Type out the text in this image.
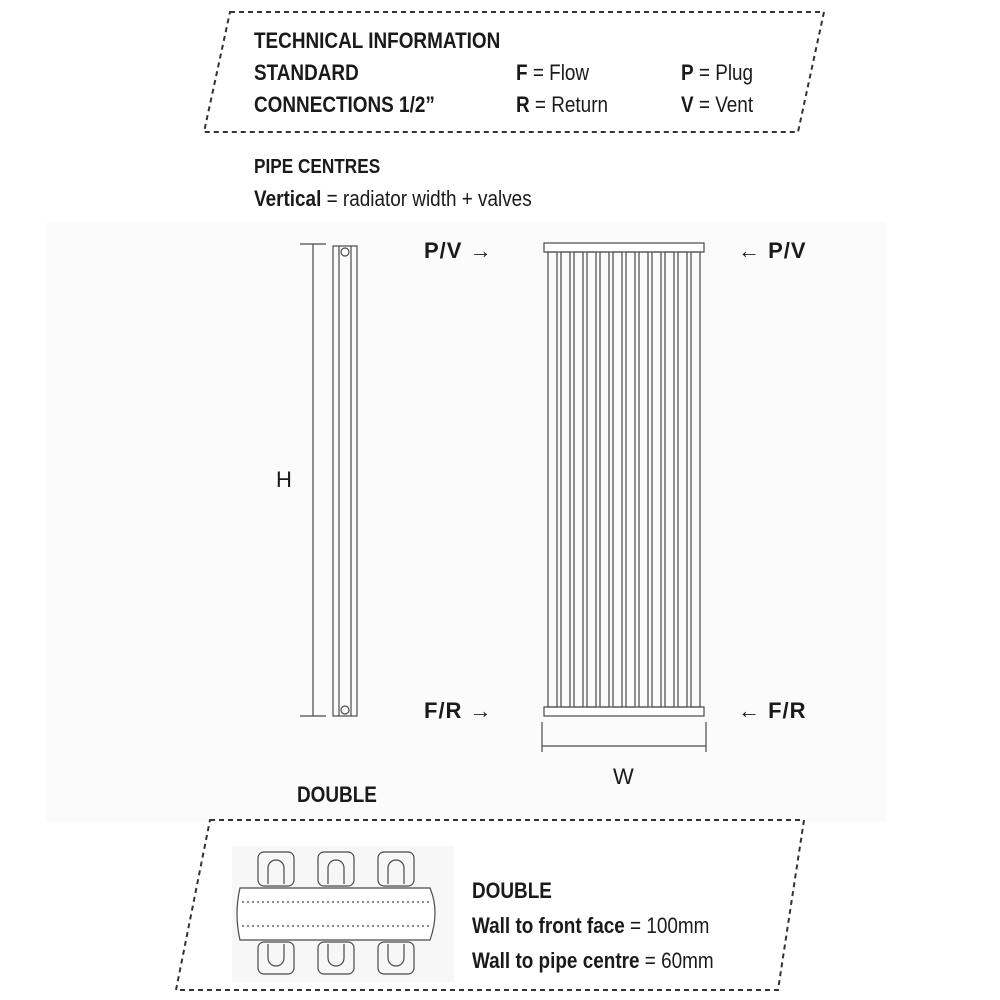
TECHNICAL INFORMATION
STANDARD
CONNECTIONS 1/2”
F = Flow
R = Return
P = Plug
V = Vent
PIPE CENTRES
Vertical = radiator width + valves
H
W
P/V →	← P/V
F/R →	← F/R
DOUBLE
DOUBLE
Wall to front face = 100mm
Wall to pipe centre = 60mm
